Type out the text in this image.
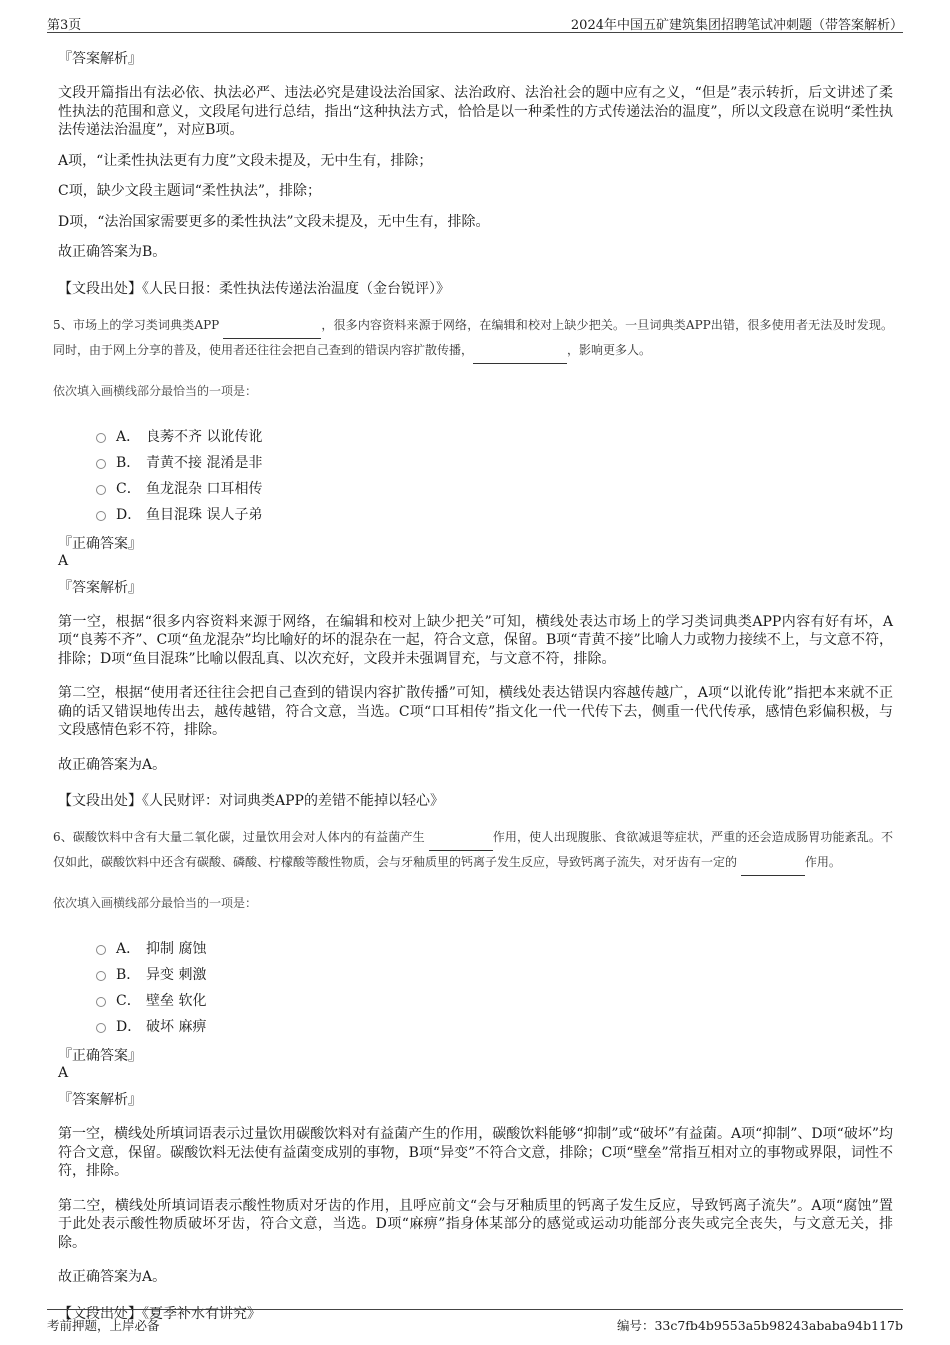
第3页	2024年中国五矿建筑集团招聘笔试冲刺题（带答案解析）
『答案解析』
文段开篇指出有法必依、执法必严、违法必究是建设法治国家、法治政府、法治社会的题中应有之义，“但是”表示转折，后文讲述了柔性执法的范围和意义，文段尾句进行总结，指出“这种执法方式，恰恰是以一种柔性的方式传递法治的温度”，所以文段意在说明“柔性执法传递法治温度”，对应B项。
A项，“让柔性执法更有力度”文段未提及，无中生有，排除；
C项，缺少文段主题词“柔性执法”，排除；
D项，“法治国家需要更多的柔性执法”文段未提及，无中生有，排除。
故正确答案为B。
【文段出处】《人民日报：柔性执法传递法治温度（金台锐评）》
5、市场上的学习类词典类APP	，很多内容资料来源于网络，在编辑和校对上缺少把关。一旦词典类APP出错，很多使用者无法及时发现。同时，由于网上分享的普及，使用者还往往会把自己查到的错误内容扩散传播，	，影响更多人。
依次填入画横线部分最恰当的一项是：
A． 良莠不齐 以讹传讹
B． 青黄不接 混淆是非
C． 鱼龙混杂 口耳相传
D． 鱼目混珠 误人子弟
『正确答案』
A
『答案解析』
第一空，根据“很多内容资料来源于网络，在编辑和校对上缺少把关”可知，横线处表达市场上的学习类词典类APP内容有好有坏，A项“良莠不齐”、C项“鱼龙混杂”均比喻好的坏的混杂在一起，符合文意，保留。B项“青黄不接”比喻人力或物力接续不上，与文意不符，排除；D项“鱼目混珠”比喻以假乱真、以次充好，文段并未强调冒充，与文意不符，排除。
第二空，根据“使用者还往往会把自己查到的错误内容扩散传播”可知，横线处表达错误内容越传越广，A项“以讹传讹”指把本来就不正确的话又错误地传出去，越传越错，符合文意，当选。C项“口耳相传”指文化一代一代传下去，侧重一代代传承，感情色彩偏积极，与文段感情色彩不符，排除。
故正确答案为A。
【文段出处】《人民财评：对词典类APP的差错不能掉以轻心》
6、碳酸饮料中含有大量二氧化碳，过量饮用会对人体内的有益菌产生	作用，使人出现腹胀、食欲减退等症状，严重的还会造成肠胃功能紊乱。不仅如此，碳酸饮料中还含有碳酸、磷酸、柠檬酸等酸性物质，会与牙釉质里的钙离子发生反应，导致钙离子流失，对牙齿有一定的	作用。
依次填入画横线部分最恰当的一项是：
A． 抑制 腐蚀
B． 异变 刺激
C． 壁垒 软化
D． 破坏 麻痹
『正确答案』
A
『答案解析』
第一空，横线处所填词语表示过量饮用碳酸饮料对有益菌产生的作用，碳酸饮料能够“抑制”或“破坏”有益菌。A项“抑制”、D项“破坏”均符合文意，保留。碳酸饮料无法使有益菌变成别的事物，B项“异变”不符合文意，排除；C项“壁垒”常指互相对立的事物或界限，词性不符，排除。
第二空，横线处所填词语表示酸性物质对牙齿的作用，且呼应前文“会与牙釉质里的钙离子发生反应，导致钙离子流失”。A项“腐蚀”置于此处表示酸性物质破坏牙齿，符合文意，当选。D项“麻痹”指身体某部分的感觉或运动功能部分丧失或完全丧失，与文意无关，排除。
故正确答案为A。
【文段出处】《夏季补水有讲究》
考前押题，上岸必备	编号：33c7fb4b9553a5b98243ababa94b117b
